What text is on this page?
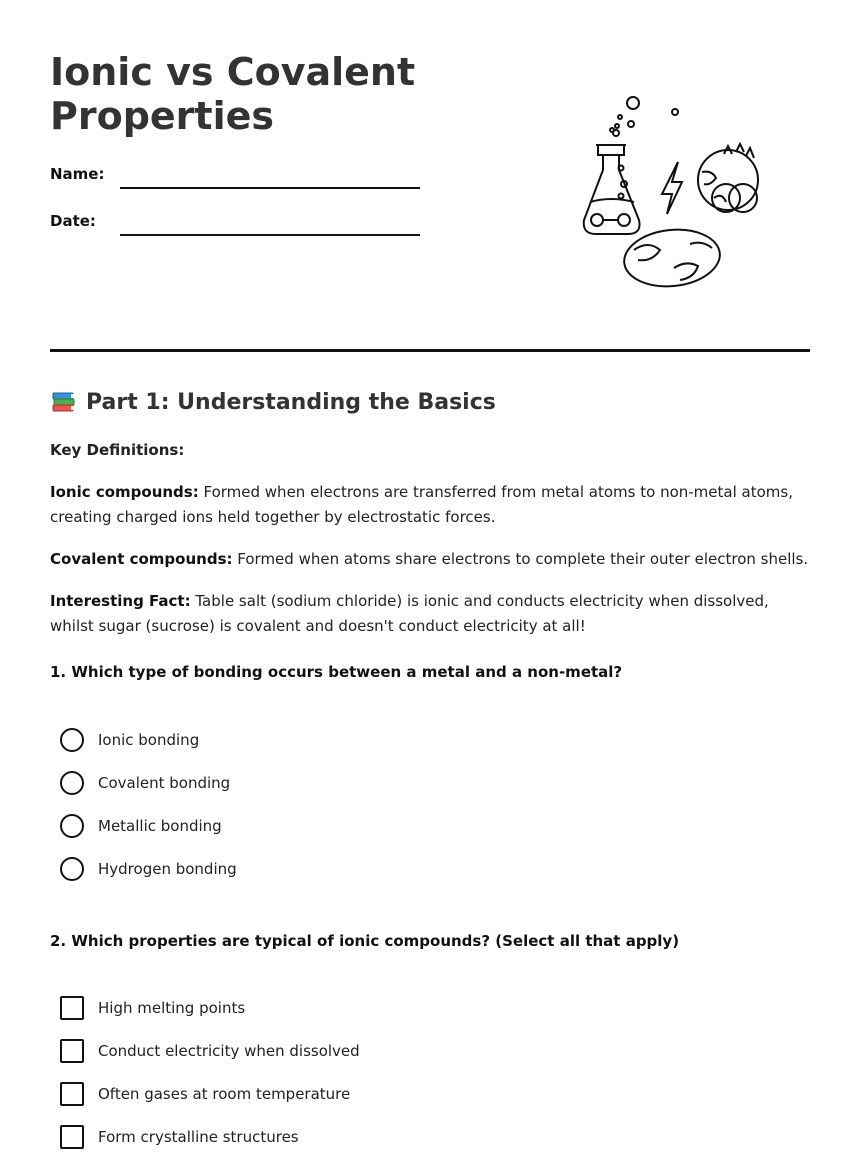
Ionic vs Covalent
Properties
Name:
Date:
Part 1: Understanding the Basics

Key Definitions:

Ionic compounds: Formed when electrons are transferred from metal atoms to non-metal atoms, creating charged ions held together by electrostatic forces.

Covalent compounds: Formed when atoms share electrons to complete their outer electron shells.

Interesting Fact: Table salt (sodium chloride) is ionic and conducts electricity when dissolved, whilst sugar (sucrose) is covalent and doesn't conduct electricity at all!

1. Which type of bonding occurs between a metal and a non-metal?

Ionic bonding
Covalent bonding
Metallic bonding
Hydrogen bonding

2. Which properties are typical of ionic compounds? (Select all that apply)

High melting points
Conduct electricity when dissolved
Often gases at room temperature
Form crystalline structures
